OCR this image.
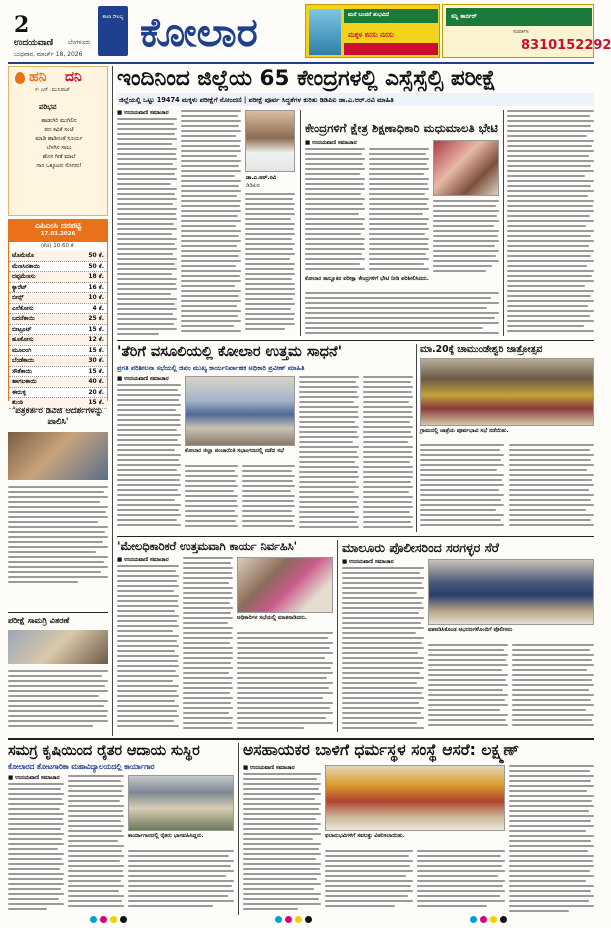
2
ಉದಯವಾಣಿ ಬೆಂಗಳೂರು
ಬುಧವಾರ, ಮಾರ್ಚ್ 18, 2026
ಶಾಲಾ ಸೌಲಭ್ಯ ಕೋಲಾರ	ಮನೆ ಬಂದರೆ ಶುಭವಿದೆ
ಮಕ್ಕಳ ಕನಸು ನನಸು
ಸನ್ನಿ ಕಾರ್ನರ್
ಸಂಪರ್ಕಿಸಿ
8310152292
ಹನಿ ದನಿ
✍ ಎನ್. ಮುನಿರಾಜ್
ಪರಿಭವ
ಹಾಡುಗಿರಿ ಮುಗಿಲಿನ
ಪದ ಕವಿತೆ ಸಂಜೆ
ಮಾಡಿ ಹಾಡಿನಂತೆ ಸೂರ್ಯ
ಬೆಳಗಿನ ಸಾಲು
ಹೊಸ ಗೀತೆ ಮಾಲೆ
ಗಾನ ಒಕ್ಕೂಟದ ಸೊಗಸು!
ಎಪಿಎಂಸಿ ದರಪಟ್ಟಿ
17.03.2026
(ಕೆಜಿ) 10.60 ಕೆ.
ಟೊಮೆಟೊ	50 ಕೆ.
ಮೆಣಸಿನಕಾಯಿ	50 ಕೆ.
ದಪ್ಪಮೆಣಸು	18 ಕೆ.
ಕ್ಯಾರೆಟ್	16 ಕೆ.
ಬೀನ್ಸ್	10 ಕೆ.
ಎಲೆಕೋಸು	4 ಕೆ.
ಬದನೆಕಾಯಿ	25 ಕೆ.
ಬೀಟ್ರೂಟ್	15 ಕೆ.
ಹೂಕೋಸು	12 ಕೆ.
ಮೂಲಂಗಿ	15 ಕೆ.
ಬೆಂಡೆಕಾಯಿ	30 ಕೆ.
ಸೌತೆಕಾಯಿ	15 ಕೆ.
ಹಾಗಲಕಾಯಿ	40 ಕೆ.
ಈರುಳ್ಳಿ	20 ಕೆ.
ಶುಂಠಿ	15 ಕೆ.
'ಪತ್ರಕರ್ತರ ಡಿವಿಜಿ ಆದರ್ಶಗಳನ್ನು ಪಾಲಿಸಿ'
ಪರೀಕ್ಷೆ ಸಾಮಗ್ರಿ ವಿತರಣೆ
ಇಂದಿನಿಂದ ಜಿಲ್ಲೆಯ 65 ಕೇಂದ್ರಗಳಲ್ಲಿ ಎಸ್ಸೆಸ್ಸೆಲ್ಸಿ ಪರೀಕ್ಷೆ
ಜಿಲ್ಲೆಯಲ್ಲಿ ಒಟ್ಟು 19474 ಮಕ್ಕಳು ಪರೀಕ್ಷೆಗೆ ನೋಂದಣಿ | ಪರೀಕ್ಷೆ ಪೂರ್ವ ಸಿದ್ಧತೆಗಳ ಕುರಿತು ಡಿಡಿಪಿಐ ಡಾ.ಎ.ಆರ್.ರವಿ ಮಾಹಿತಿ
■ ಉದಯವಾಣಿ ಸಮಾಚಾರ
ಡಾ.ಎ.ಆರ್.ರವಿ
ಡಿಡಿಪಿಐ
ಕೇಂದ್ರಗಳಿಗೆ ಕ್ಷೇತ್ರ ಶಿಕ್ಷಣಾಧಿಕಾರಿ ಮಧುಮಾಲತಿ ಭೇಟಿ
■ ಉದಯವಾಣಿ ಸಮಾಚಾರ
ಕೋಲಾರ ತಾಲ್ಲೂಕಿನ ಪರೀಕ್ಷಾ ಕೇಂದ್ರಗಳಿಗೆ ಭೇಟಿ ನೀಡಿ ಪರಿಶೀಲಿಸಿದರು.
'ತೆರಿಗೆ ವಸೂಲಿಯಲ್ಲಿ ಕೋಲಾರ ಉತ್ತಮ ಸಾಧನೆ'
ಪ್ರಗತಿ ಪರಿಶೀಲನಾ ಸಭೆಯಲ್ಲಿ ಜಿಪಂ ಮುಖ್ಯ ಕಾರ್ಯನಿರ್ವಾಹಕ ಅಧಿಕಾರಿ ಪ್ರವೀಣ್ ಮಾಹಿತಿ
■ ಉದಯವಾಣಿ ಸಮಾಚಾರ
ಕೋಲಾರ ಜಿಲ್ಲಾ ಪಂಚಾಯಿತಿ ಸಭಾಂಗಣದಲ್ಲಿ ನಡೆದ ಸಭೆ
ಮಾ.20ಕ್ಕೆ ಚಾಮುಂಡೇಶ್ವರಿ ಜಾತ್ರೋತ್ಸವ
ಗ್ರಾಮದಲ್ಲಿ ಜಾತ್ರೆಯ ಪೂರ್ವಭಾವಿ ಸಭೆ ನಡೆಯಿತು.
'ಮೇಲಧಿಕಾರಿಕರೆ ಉತ್ತಮವಾಗಿ ಕಾರ್ಯ ನಿರ್ವಹಿಸಿ'
■ ಉದಯವಾಣಿ ಸಮಾಚಾರ
ಅಧಿಕಾರಿಗಳ ಸಭೆಯಲ್ಲಿ ಮಾತನಾಡಿದರು.
ಮಾಲೂರು ಪೊಲೀಸರಿಂದ ಸರಗಳ್ಳರ ಸೆರೆ
■ ಉದಯವಾಣಿ ಸಮಾಚಾರ
ವಶಪಡಿಸಿಕೊಂಡ ಆಭರಣಗಳೊಂದಿಗೆ ಪೊಲೀಸರು
ಸಮಗ್ರ ಕೃಷಿಯಿಂದ ರೈತರ ಆದಾಯ ಸುಸ್ಥಿರ
ಕೋಲಾರದ ತೋಟಗಾರಿಕಾ ಮಹಾವಿದ್ಯಾಲಯದಲ್ಲಿ ಕಾರ್ಯಾಗಾರ
■ ಉದಯವಾಣಿ ಸಮಾಚಾರ
ಕಾರ್ಯಾಗಾರದಲ್ಲಿ ರೈತರು ಭಾಗವಹಿಸಿದ್ದರು.
ಅಸಹಾಯಕರ ಬಾಳಿಗೆ ಧರ್ಮಸ್ಥಳ ಸಂಸ್ಥೆ ಆಸರೆ: ಲಕ್ಷ್ಮಣ್
■ ಉದಯವಾಣಿ ಸಮಾಚಾರ
ಫಲಾನುಭವಿಗಳಿಗೆ ಸವಲತ್ತು ವಿತರಿಸಲಾಯಿತು.
